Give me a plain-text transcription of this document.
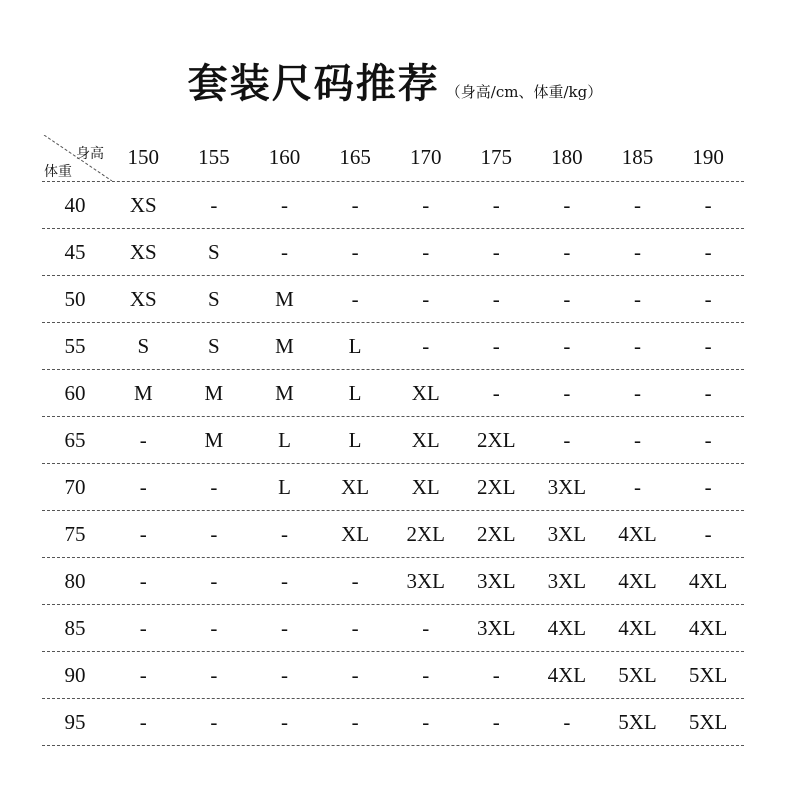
套装尺码推荐 （身高/cm、体重/kg）
身高
体重
150	155	160	165	170	175	180	185	190
40	XS	-	-	-	-	-	-	-	-
45	XS	S	-	-	-	-	-	-	-
50	XS	S	M	-	-	-	-	-	-
55	S	S	M	L	-	-	-	-	-
60	M	M	M	L	XL	-	-	-	-
65	-	M	L	L	XL	2XL	-	-	-
70	-	-	L	XL	XL	2XL	3XL	-	-
75	-	-	-	XL	2XL	2XL	3XL	4XL	-
80	-	-	-	-	3XL	3XL	3XL	4XL	4XL
85	-	-	-	-	-	3XL	4XL	4XL	4XL
90	-	-	-	-	-	-	4XL	5XL	5XL
95	-	-	-	-	-	-	-	5XL	5XL
